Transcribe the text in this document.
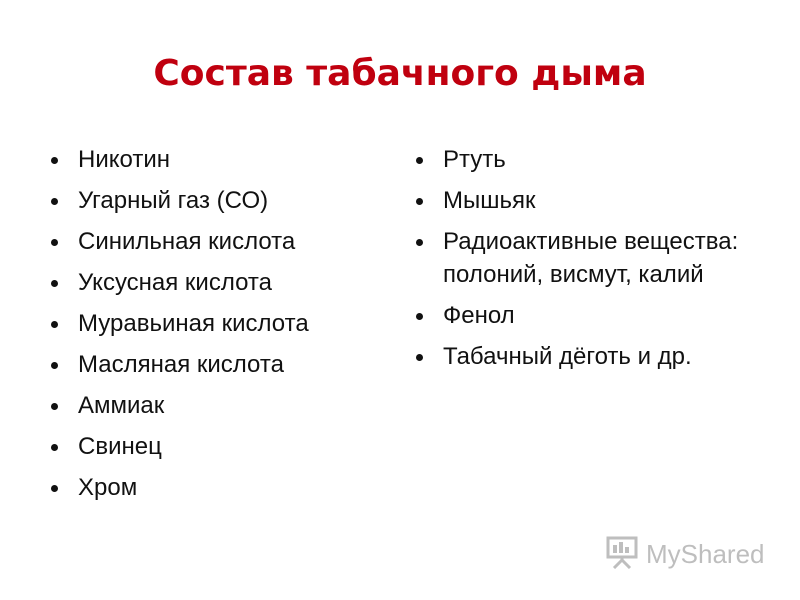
Состав табачного дыма
Никотин
Угарный газ (СО)
Синильная кислота
Уксусная кислота
Муравьиная кислота
Масляная кислота
Аммиак
Свинец
Хром
Ртуть
Мышьяк
Радиоактивные вещества: полоний, висмут, калий
Фенол
Табачный дёготь и др.
MyShared
